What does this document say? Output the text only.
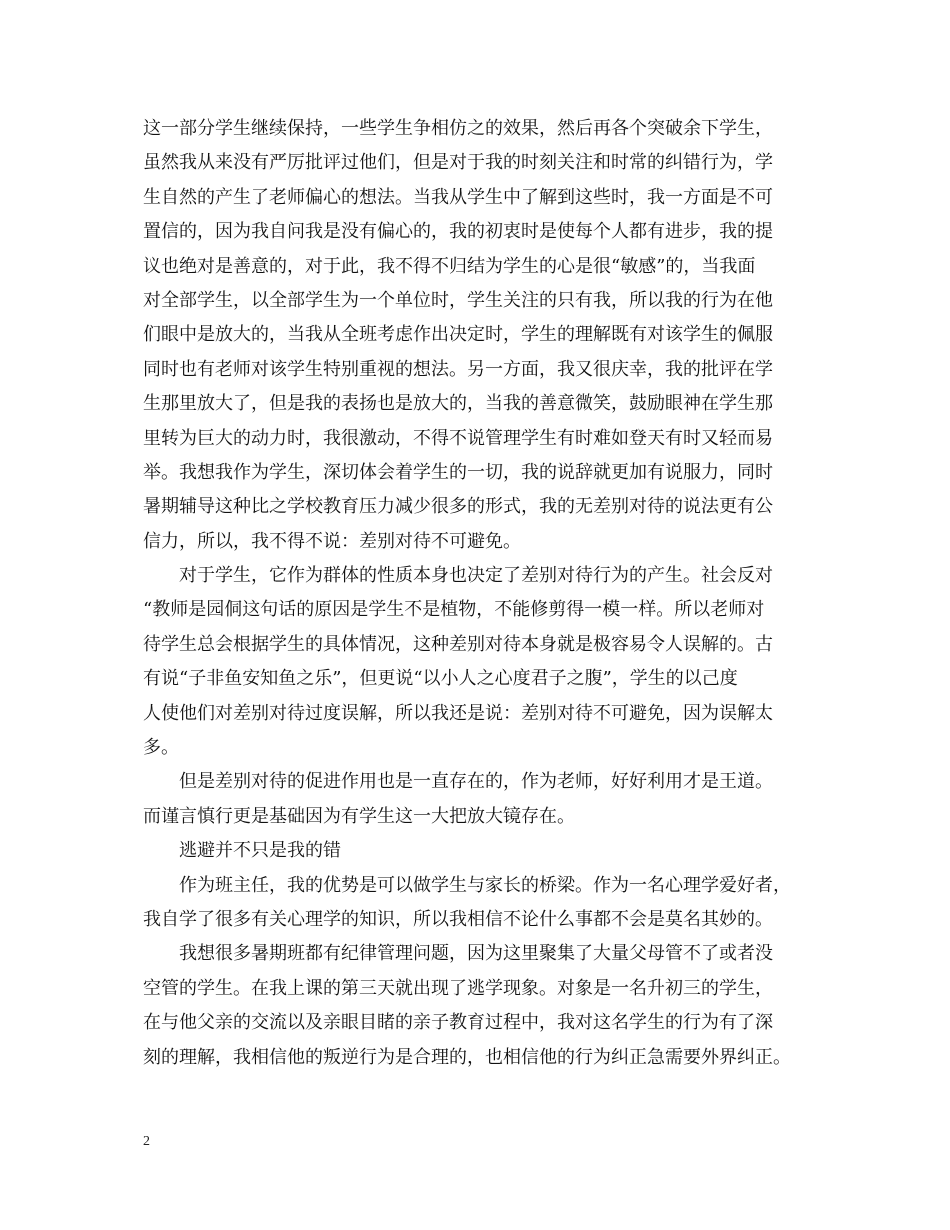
这一部分学生继续保持，一些学生争相仿之的效果，然后再各个突破余下学生，
虽然我从来没有严厉批评过他们，但是对于我的时刻关注和时常的纠错行为，学
生自然的产生了老师偏心的想法。当我从学生中了解到这些时，我一方面是不可
置信的，因为我自问我是没有偏心的，我的初衷时是使每个人都有进步，我的提
议也绝对是善意的，对于此，我不得不归结为学生的心是很“敏感”的，当我面
对全部学生，以全部学生为一个单位时，学生关注的只有我，所以我的行为在他
们眼中是放大的，当我从全班考虑作出决定时，学生的理解既有对该学生的佩服
同时也有老师对该学生特别重视的想法。另一方面，我又很庆幸，我的批评在学
生那里放大了，但是我的表扬也是放大的，当我的善意微笑，鼓励眼神在学生那
里转为巨大的动力时，我很激动，不得不说管理学生有时难如登天有时又轻而易
举。我想我作为学生，深切体会着学生的一切，我的说辞就更加有说服力，同时
暑期辅导这种比之学校教育压力减少很多的形式，我的无差别对待的说法更有公
信力，所以，我不得不说：差别对待不可避免。

对于学生，它作为群体的性质本身也决定了差别对待行为的产生。社会反对
“教师是园侗这句话的原因是学生不是植物，不能修剪得一模一样。所以老师对
待学生总会根据学生的具体情况，这种差别对待本身就是极容易令人误解的。古
有说“子非鱼安知鱼之乐”，但更说“以小人之心度君子之腹”，学生的以己度
人使他们对差别对待过度误解，所以我还是说：差别对待不可避免，因为误解太
多。

但是差别对待的促进作用也是一直存在的，作为老师，好好利用才是王道。
而谨言慎行更是基础因为有学生这一大把放大镜存在。

逃避并不只是我的错

作为班主任，我的优势是可以做学生与家长的桥梁。作为一名心理学爱好者，
我自学了很多有关心理学的知识，所以我相信不论什么事都不会是莫名其妙的。

我想很多暑期班都有纪律管理问题，因为这里聚集了大量父母管不了或者没
空管的学生。在我上课的第三天就出现了逃学现象。对象是一名升初三的学生，
在与他父亲的交流以及亲眼目睹的亲子教育过程中，我对这名学生的行为有了深
刻的理解，我相信他的叛逆行为是合理的，也相信他的行为纠正急需要外界纠正。

2
